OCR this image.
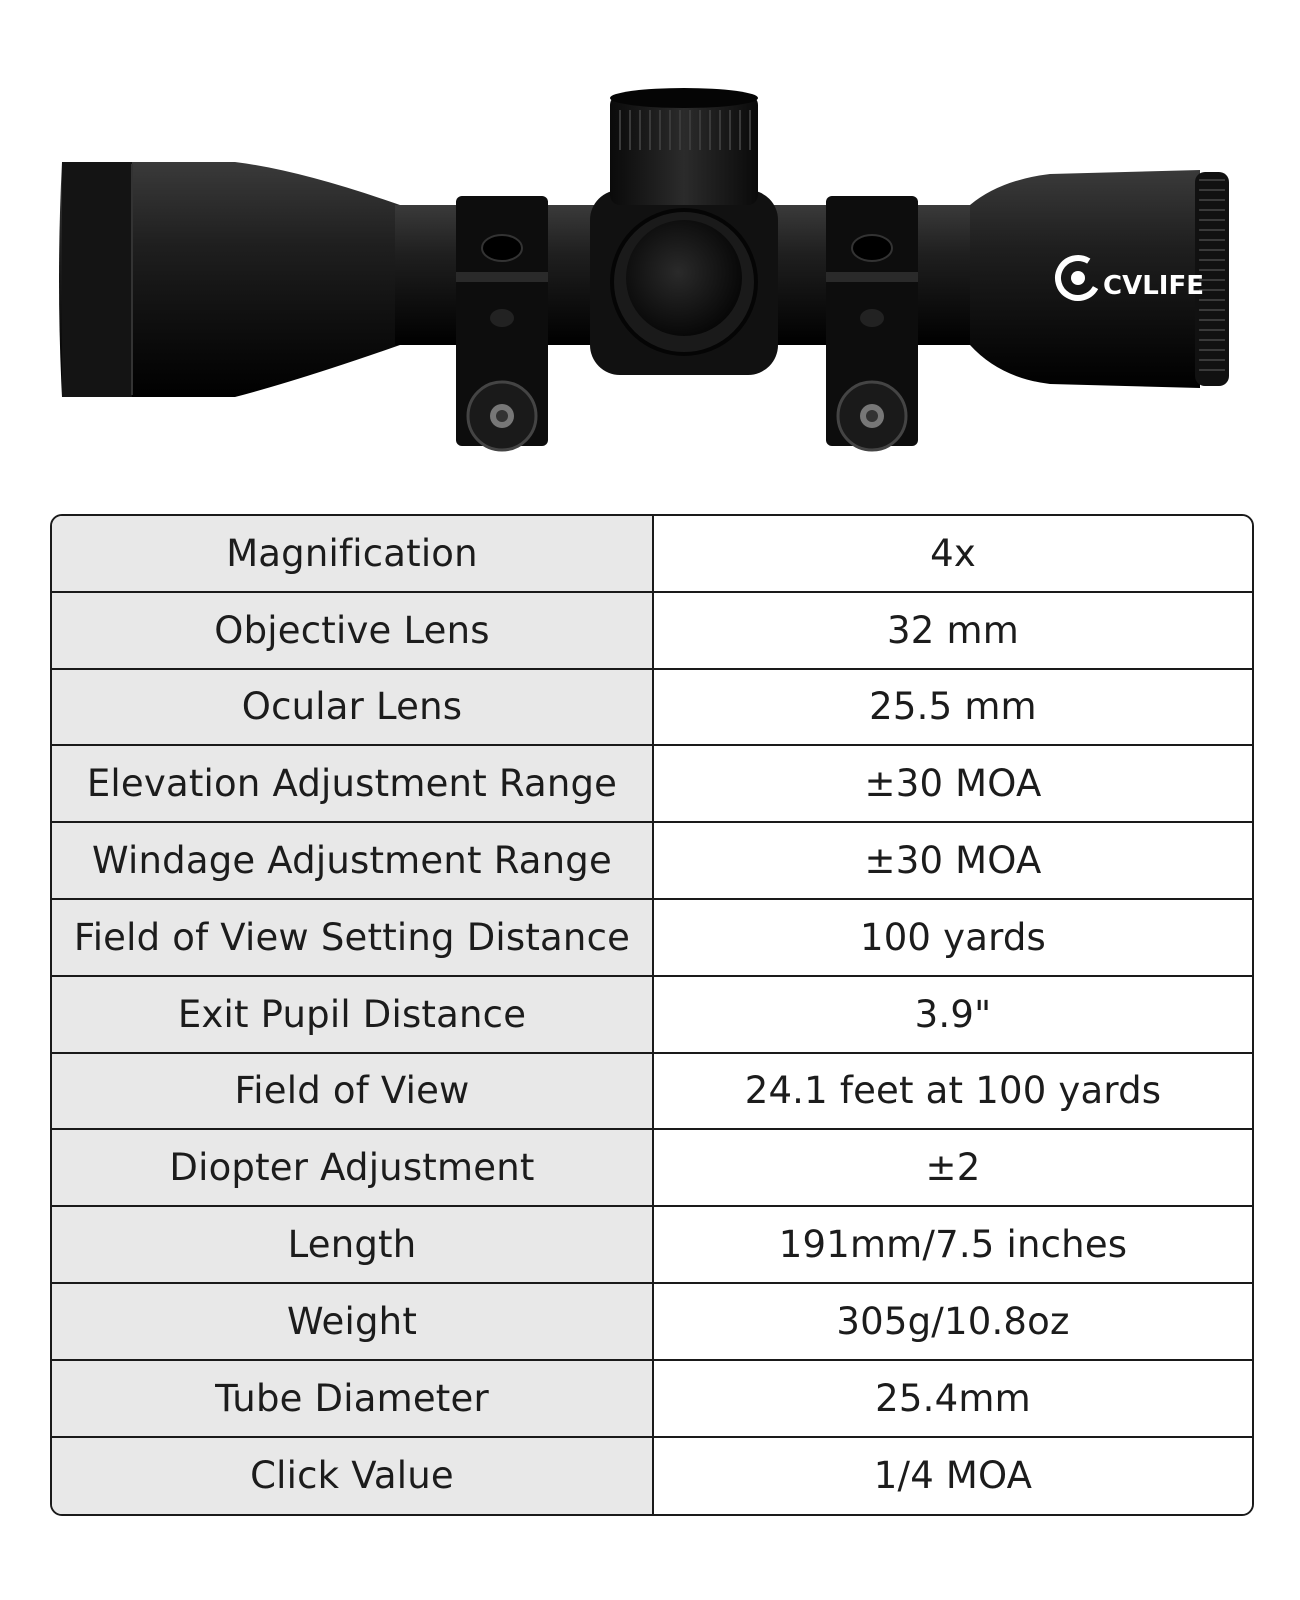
CVLIFE
Magnification	4x
Objective Lens	32 mm
Ocular Lens	25.5 mm
Elevation Adjustment Range	±30 MOA
Windage Adjustment Range	±30 MOA
Field of View Setting Distance	100 yards
Exit Pupil Distance	3.9"
Field of View	24.1 feet at 100 yards
Diopter Adjustment	±2
Length	191mm/7.5 inches
Weight	305g/10.8oz
Tube Diameter	25.4mm
Click Value	1/4 MOA
